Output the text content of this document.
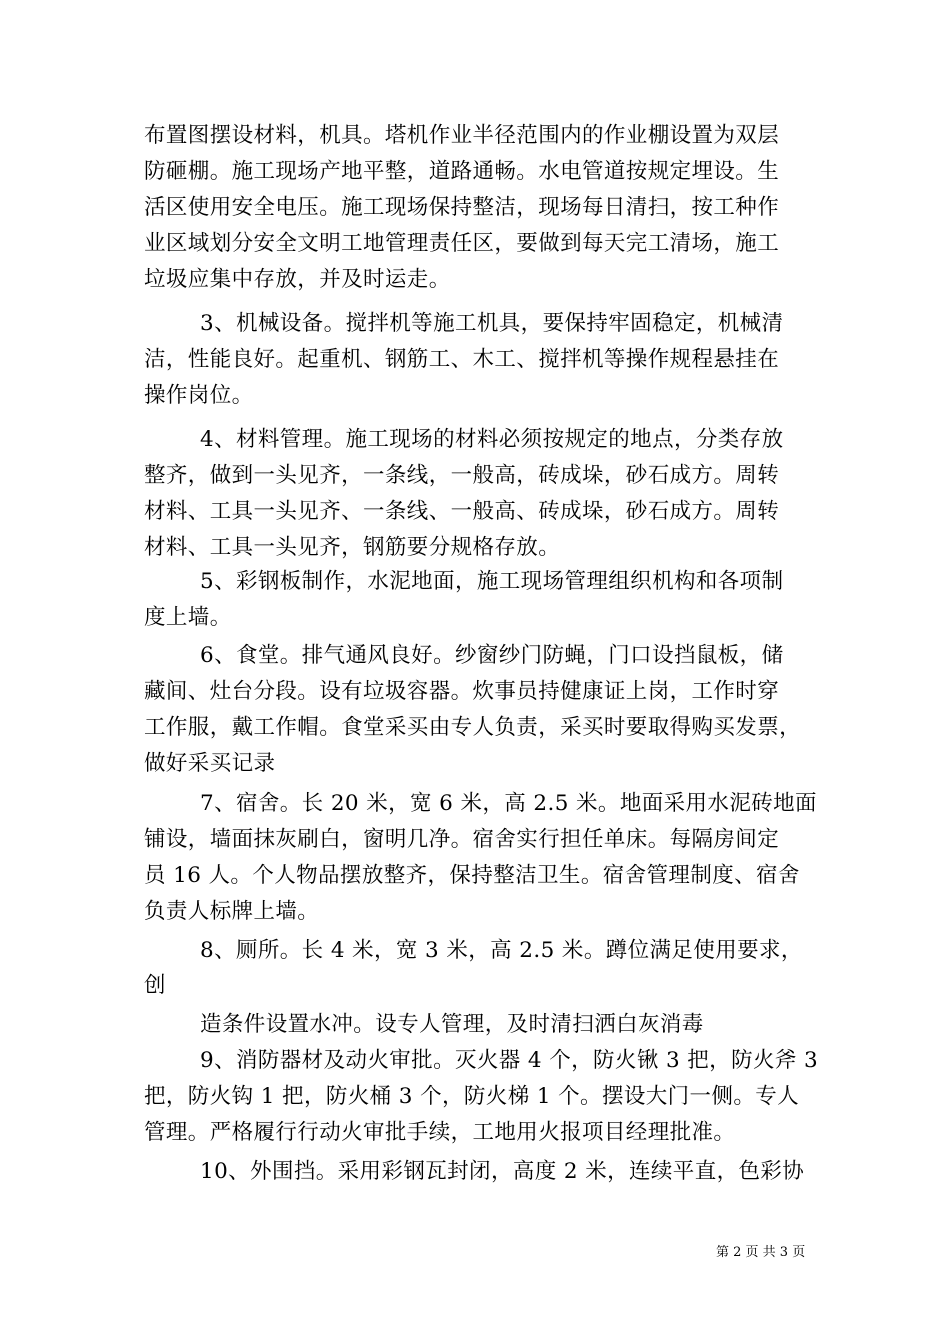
布置图摆设材料，机具。塔机作业半径范围内的作业棚设置为双层
防砸棚。施工现场产地平整，道路通畅。水电管道按规定埋设。生
活区使用安全电压。施工现场保持整洁，现场每日清扫，按工种作
业区域划分安全文明工地管理责任区，要做到每天完工清场，施工
垃圾应集中存放，并及时运走。
3、机械设备。搅拌机等施工机具，要保持牢固稳定，机械清
洁，性能良好。起重机、钢筋工、木工、搅拌机等操作规程悬挂在
操作岗位。
4、材料管理。施工现场的材料必须按规定的地点，分类存放
整齐，做到一头见齐，一条线，一般高，砖成垛，砂石成方。周转
材料、工具一头见齐、一条线、一般高、砖成垛，砂石成方。周转
材料、工具一头见齐，钢筋要分规格存放。
5、彩钢板制作，水泥地面，施工现场管理组织机构和各项制
度上墙。
6、食堂。排气通风良好。纱窗纱门防蝇，门口设挡鼠板，储
藏间、灶台分段。设有垃圾容器。炊事员持健康证上岗，工作时穿
工作服，戴工作帽。食堂采买由专人负责，采买时要取得购买发票，
做好采买记录
7、宿舍。长 20 米，宽 6 米，高 2.5 米。地面采用水泥砖地面
铺设，墙面抹灰刷白，窗明几净。宿舍实行担任单床。每隔房间定
员 16 人。个人物品摆放整齐，保持整洁卫生。宿舍管理制度、宿舍
负责人标牌上墙。
8、厕所。长 4 米，宽 3 米，高 2.5 米。蹲位满足使用要求，
创
造条件设置水冲。设专人管理，及时清扫洒白灰消毒
9、消防器材及动火审批。灭火器 4 个，防火锹 3 把，防火斧 3
把，防火钩 1 把，防火桶 3 个，防火梯 1 个。摆设大门一侧。专人
管理。严格履行行动火审批手续，工地用火报项目经理批准。
10、外围挡。采用彩钢瓦封闭，高度 2 米，连续平直，色彩协
第 2 页 共 3 页
